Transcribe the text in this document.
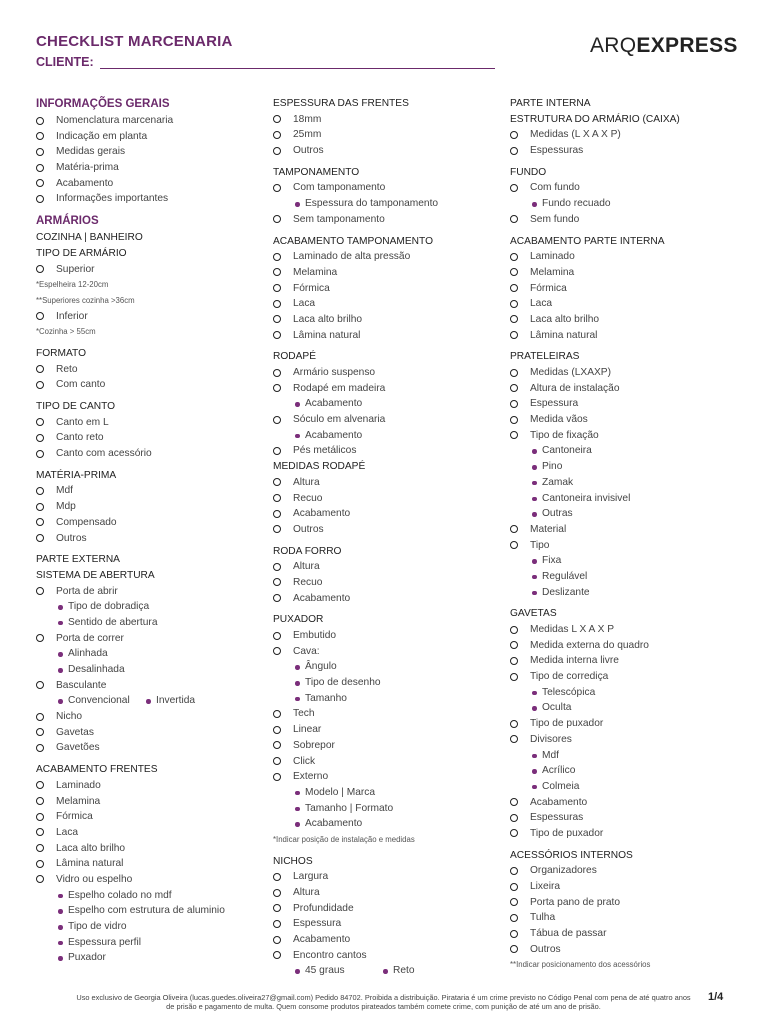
CHECKLIST MARCENARIA
CLIENTE:
ARQEXPRESS
INFORMAÇÕES GERAIS
Nomenclatura marcenaria
Indicação em planta
Medidas gerais
Matéria-prima
Acabamento
Informações importantes
ARMÁRIOS
COZINHA | BANHEIRO
TIPO DE ARMÁRIO
Superior
*Espelheira 12-20cm
**Superiores cozinha >36cm
Inferior
*Cozinha > 55cm
FORMATO
Reto
Com canto
TIPO DE CANTO
Canto em L
Canto reto
Canto com acessório
MATÉRIA-PRIMA
Mdf
Mdp
Compensado
Outros
PARTE EXTERNA
SISTEMA DE ABERTURA
Porta de abrir
Tipo de dobradiça
Sentido de abertura
Porta de correr
Alinhada
Desalinhada
Basculante
Convencional	Invertida
Nicho
Gavetas
Gavetões
ACABAMENTO FRENTES
Laminado
Melamina
Fórmica
Laca
Laca alto brilho
Lâmina natural
Vidro ou espelho
Espelho colado no mdf
Espelho com estrutura de aluminio
Tipo de vidro
Espessura perfil
Puxador
ESPESSURA DAS FRENTES
18mm
25mm
Outros
TAMPONAMENTO
Com tamponamento
Espessura do tamponamento
Sem tamponamento
ACABAMENTO TAMPONAMENTO
Laminado de alta pressão
Melamina
Fórmica
Laca
Laca alto brilho
Lâmina natural
RODAPÉ
Armário suspenso
Rodapé em madeira
Acabamento
Sóculo em alvenaria
Acabamento
Pés metálicos
MEDIDAS RODAPÉ
Altura
Recuo
Acabamento
Outros
RODA FORRO
Altura
Recuo
Acabamento
PUXADOR
Embutido
Cava:
Ângulo
Tipo de desenho
Tamanho
Tech
Linear
Sobrepor
Click
Externo
Modelo | Marca
Tamanho | Formato
Acabamento
*Indicar posição de instalação e medidas
NICHOS
Largura
Altura
Profundidade
Espessura
Acabamento
Encontro cantos
45 graus	Reto
PARTE INTERNA
ESTRUTURA DO ARMÁRIO (CAIXA)
Medidas (L X A X P)
Espessuras
FUNDO
Com fundo
Fundo recuado
Sem fundo
ACABAMENTO PARTE INTERNA
Laminado
Melamina
Fórmica
Laca
Laca alto brilho
Lâmina natural
PRATELEIRAS
Medidas (LXAXP)
Altura de instalação
Espessura
Medida vãos
Tipo de fixação
Cantoneira
Pino
Zamak
Cantoneira invisivel
Outras
Material
Tipo
Fixa
Regulável
Deslizante
GAVETAS
Medidas L X A X P
Medida externa do quadro
Medida interna livre
Tipo de corrediça
Telescópica
Oculta
Tipo de puxador
Divisores
Mdf
Acrílico
Colmeia
Acabamento
Espessuras
Tipo de puxador
ACESSÓRIOS INTERNOS
Organizadores
Lixeira
Porta pano de prato
Tulha
Tábua de passar
Outros
**Indicar posicionamento dos acessórios
Uso exclusivo de Georgia Oliveira (lucas.guedes.oliveira27@gmail.com) Pedido 84702. Proibida a distribuição. Pirataria é um crime previsto no Código Penal com pena de até quatro anos de prisão e pagamento de multa. Quem consome produtos pirateados também comete crime, com punição de até um ano de prisão.
1/4
